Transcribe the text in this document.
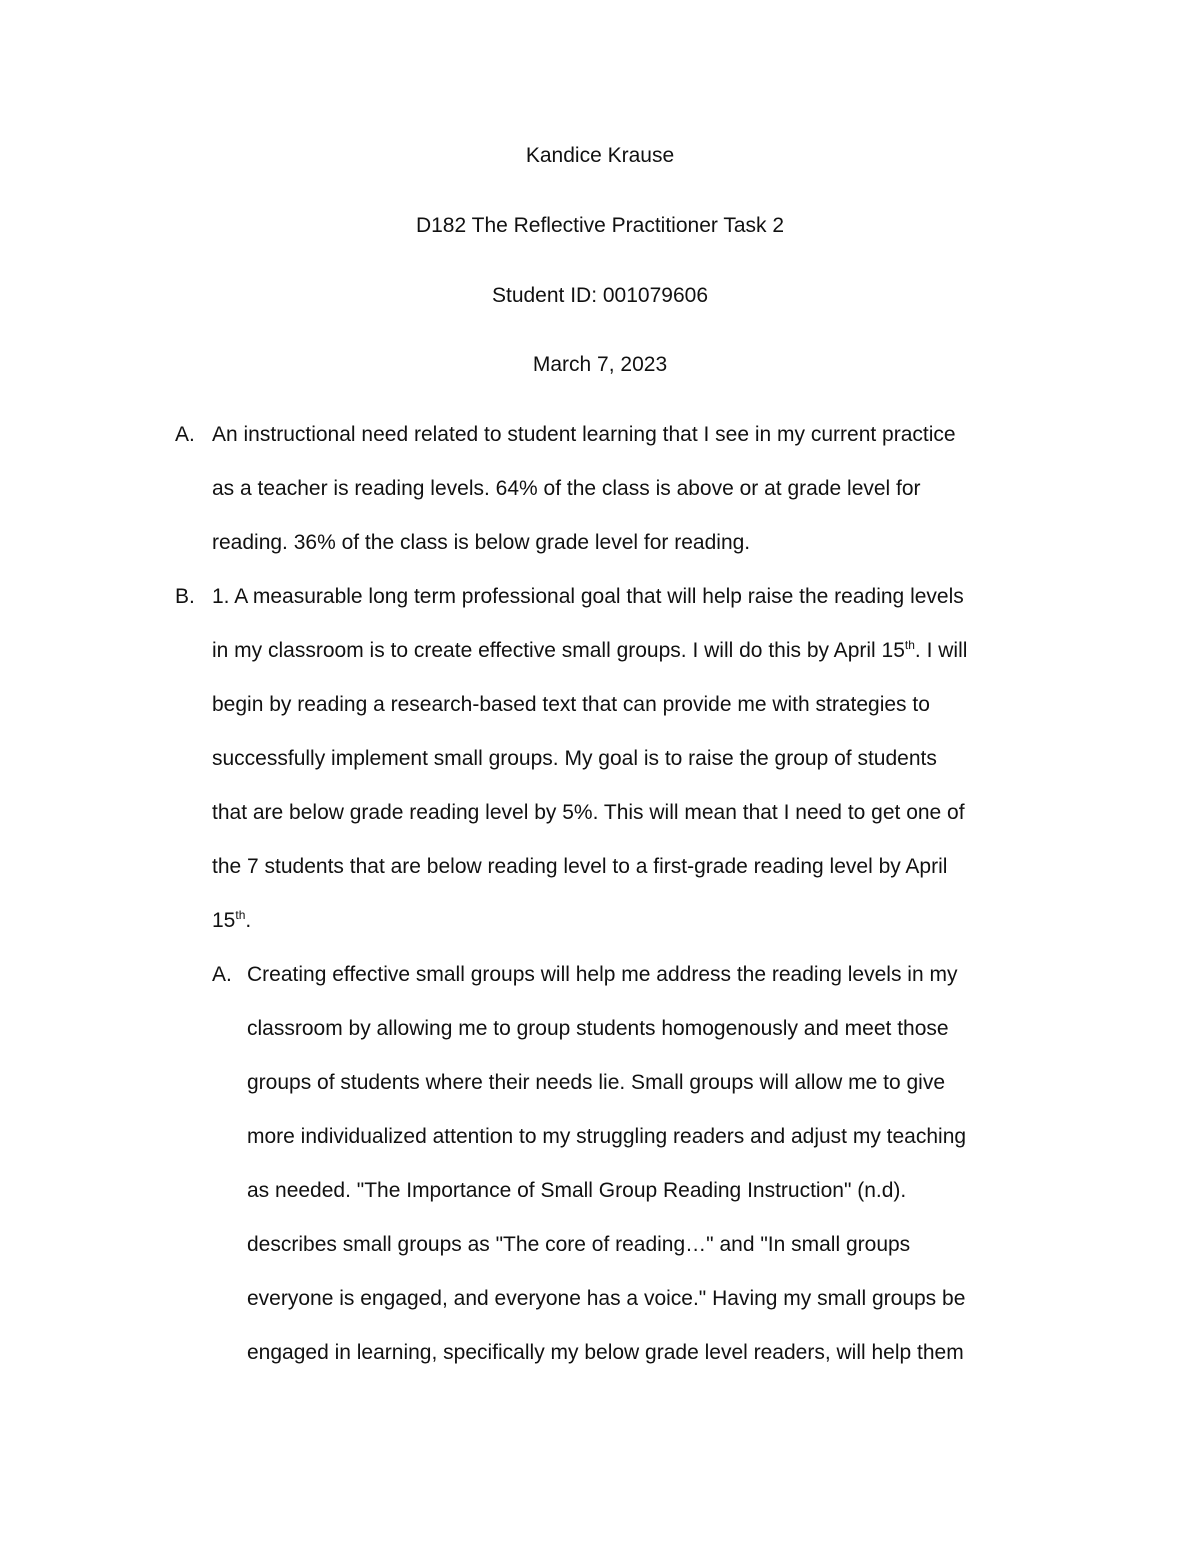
Kandice Krause
D182 The Reflective Practitioner Task 2
Student ID: 001079606
March 7, 2023
A. An instructional need related to student learning that I see in my current practice
as a teacher is reading levels. 64% of the class is above or at grade level for
reading. 36% of the class is below grade level for reading.
B. 1. A measurable long term professional goal that will help raise the reading levels
in my classroom is to create effective small groups. I will do this by April 15th. I will
begin by reading a research-based text that can provide me with strategies to
successfully implement small groups. My goal is to raise the group of students
that are below grade reading level by 5%. This will mean that I need to get one of
the 7 students that are below reading level to a first-grade reading level by April
15th.
A. Creating effective small groups will help me address the reading levels in my
classroom by allowing me to group students homogenously and meet those
groups of students where their needs lie. Small groups will allow me to give
more individualized attention to my struggling readers and adjust my teaching
as needed. "The Importance of Small Group Reading Instruction" (n.d).
describes small groups as "The core of reading…" and "In small groups
everyone is engaged, and everyone has a voice." Having my small groups be
engaged in learning, specifically my below grade level readers, will help them
